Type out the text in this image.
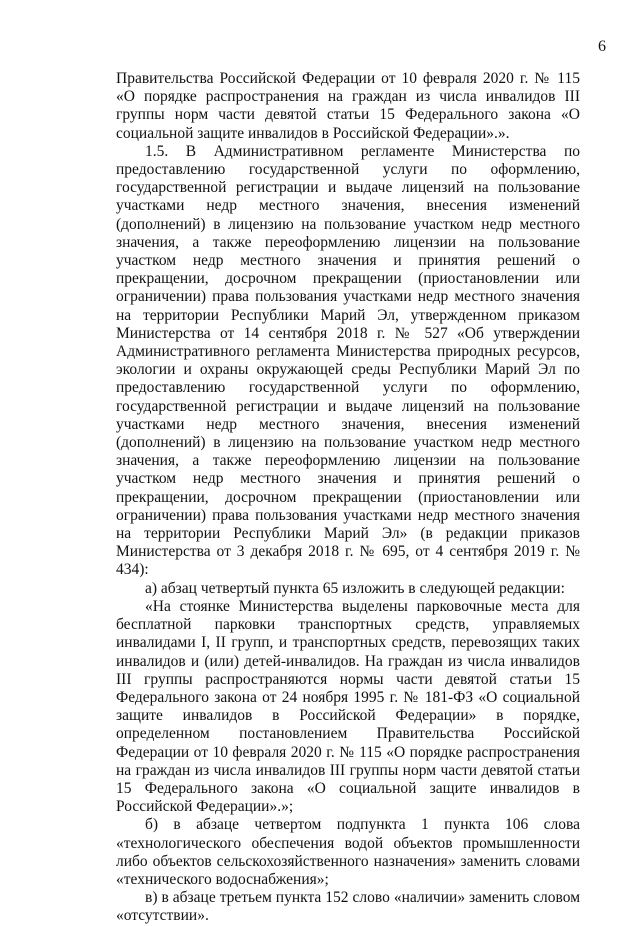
6

Правительства Российской Федерации от 10 февраля 2020 г. № 115 «О порядке распространения на граждан из числа инвалидов III группы норм части девятой статьи 15 Федерального закона «О социальной защите инвалидов в Российской Федерации».».

1.5. В Административном регламенте Министерства по предоставлению государственной услуги по оформлению, государственной регистрации и выдаче лицензий на пользование участками недр местного значения, внесения изменений (дополнений) в лицензию на пользование участком недр местного значения, а также переоформлению лицензии на пользование участком недр местного значения и принятия решений о прекращении, досрочном прекращении (приостановлении или ограничении) права пользования участками недр местного значения на территории Республики Марий Эл, утвержденном приказом Министерства от 14 сентября 2018 г. № 527 «Об утверждении Административного регламента Министерства природных ресурсов, экологии и охраны окружающей среды Республики Марий Эл по предоставлению государственной услуги по оформлению, государственной регистрации и выдаче лицензий на пользование участками недр местного значения, внесения изменений (дополнений) в лицензию на пользование участком недр местного значения, а также переоформлению лицензии на пользование участком недр местного значения и принятия решений о прекращении, досрочном прекращении (приостановлении или ограничении) права пользования участками недр местного значения на территории Республики Марий Эл» (в редакции приказов Министерства от 3 декабря 2018 г. № 695, от 4 сентября 2019 г. № 434):

а) абзац четвертый пункта 65 изложить в следующей редакции:

«На стоянке Министерства выделены парковочные места для бесплатной парковки транспортных средств, управляемых инвалидами I, II групп, и транспортных средств, перевозящих таких инвалидов и (или) детей-инвалидов. На граждан из числа инвалидов III группы распространяются нормы части девятой статьи 15 Федерального закона от 24 ноября 1995 г. № 181-ФЗ «О социальной защите инвалидов в Российской Федерации» в порядке, определенном постановлением Правительства Российской Федерации от 10 февраля 2020 г. № 115 «О порядке распространения на граждан из числа инвалидов III группы норм части девятой статьи 15 Федерального закона «О социальной защите инвалидов в Российской Федерации».»;

б) в абзаце четвертом подпункта 1 пункта 106 слова «технологического обеспечения водой объектов промышленности либо объектов сельскохозяйственного назначения» заменить словами «технического водоснабжения»;

в) в абзаце третьем пункта 152 слово «наличии» заменить словом «отсутствии».
